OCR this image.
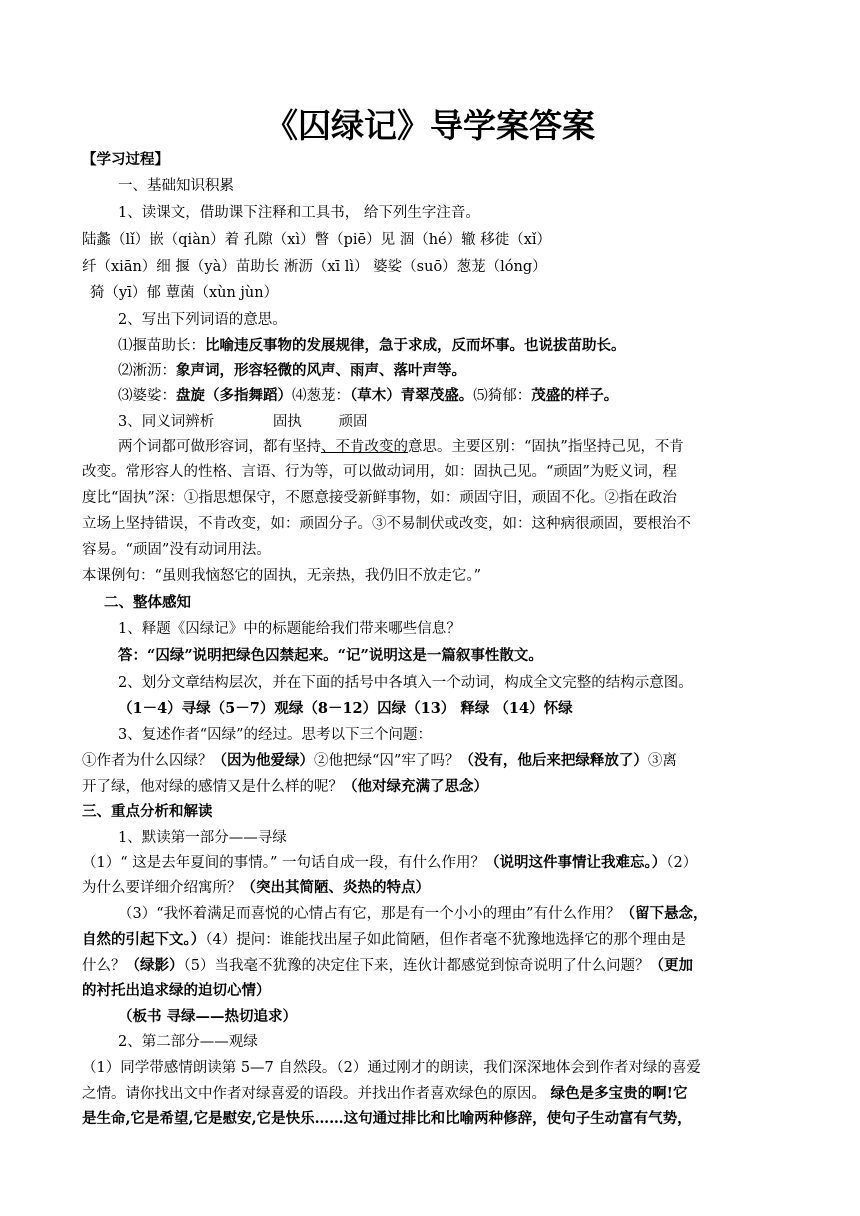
《囚绿记》导学案答案
【学习过程】
一、基础知识积累
1、读课文，借助课下注释和工具书， 给下列生字注音。
陆蠡（lǐ）嵌（qiàn）着 孔隙（xì）瞥（piē）见 涸（hé）辙 移徙（xǐ）
纤（xiān）细 揠（yà）苗助长 淅沥（xī lì） 婆娑（suō）葱茏（lóng）
猗（yī）郁 蕈菌（xùn jùn）
2、写出下列词语的意思。
⑴揠苗助长：比喻违反事物的发展规律，急于求成，反而坏事。也说拔苗助长。
⑵淅沥：象声词，形容轻微的风声、雨声、落叶声等。
⑶婆娑：盘旋（多指舞蹈）⑷葱茏：（草木）青翠茂盛。⑸猗郁：茂盛的样子。
3、同义词辨析	固执	顽固
两个词都可做形容词，都有坚持、不肯改变的意思。主要区别：“固执”指坚持己见，不肯
改变。常形容人的性格、言语、行为等，可以做动词用，如：固执己见。“顽固”为贬义词，程
度比“固执”深：①指思想保守，不愿意接受新鲜事物，如：顽固守旧，顽固不化。②指在政治
立场上坚持错误，不肯改变，如：顽固分子。③不易制伏或改变，如：这种病很顽固，要根治不
容易。“顽固”没有动词用法。
本课例句：“虽则我恼怒它的固执，无亲热，我仍旧不放走它。”
二、整体感知
1、释题《囚绿记》中的标题能给我们带来哪些信息？
答：“囚绿”说明把绿色囚禁起来。“记”说明这是一篇叙事性散文。
2、划分文章结构层次，并在下面的括号中各填入一个动词，构成全文完整的结构示意图。
（1－4）寻绿（5－7）观绿（8－12）囚绿（13） 释绿 （14）怀绿
3、复述作者“囚绿”的经过。思考以下三个问题：
①作者为什么囚绿？（因为他爱绿）②他把绿“囚”牢了吗？（没有，他后来把绿释放了）③离
开了绿，他对绿的感情又是什么样的呢？（他对绿充满了思念）
三、重点分析和解读
1、默读第一部分——寻绿
（1）“ 这是去年夏间的事情。” 一句话自成一段，有什么作用？（说明这件事情让我难忘。）（2）
为什么要详细介绍寓所？（突出其简陋、炎热的特点）
（3）“我怀着满足而喜悦的心情占有它，那是有一个小小的理由”有什么作用？（留下悬念，
自然的引起下文。）（4）提问：谁能找出屋子如此简陋，但作者毫不犹豫地选择它的那个理由是
什么？（绿影）（5）当我毫不犹豫的决定住下来，连伙计都感觉到惊奇说明了什么问题？（更加
的衬托出追求绿的迫切心情）
（板书 寻绿——热切追求）
2、第二部分——观绿
（1）同学带感情朗读第 5—7 自然段。（2）通过刚才的朗读，我们深深地体会到作者对绿的喜爱
之情。请你找出文中作者对绿喜爱的语段。并找出作者喜欢绿色的原因。 绿色是多宝贵的啊!它
是生命,它是希望,它是慰安,它是快乐……这句通过排比和比喻两种修辞，使句子生动富有气势，
